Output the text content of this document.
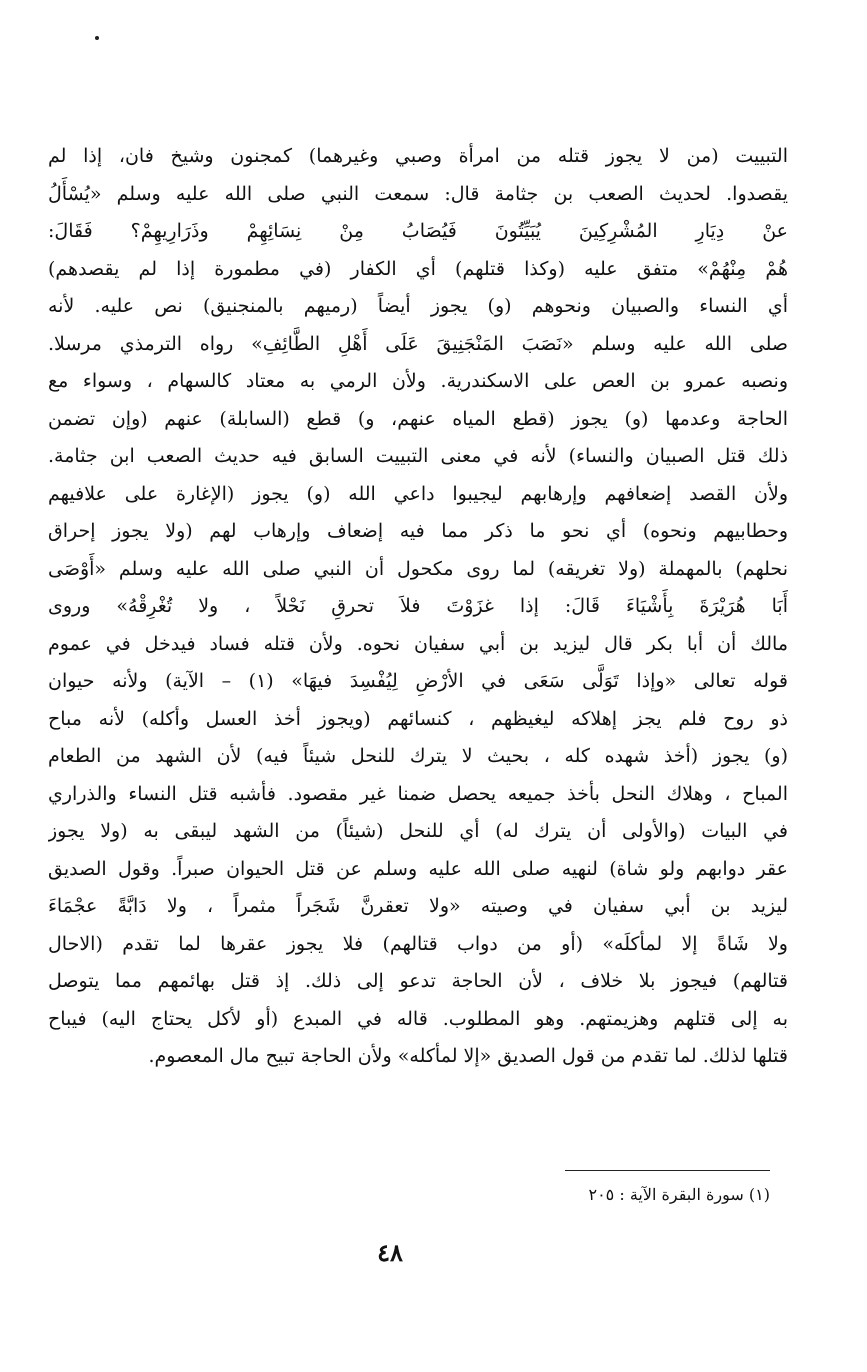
التبييت (من لا يجوز قتله من امرأة وصبي وغيرهما) كمجنون وشيخ فان، إذا لم
يقصدوا. لحديث الصعب بن جثامة قال: سمعت النبي صلى الله عليه وسلم «يُسْأَلُ
عنْ دِيَارِ المُشْرِكِينَ يُبَيِّتُونَ فَيُصَابُ مِنْ نِسَائِهِمْ وذَرَارِيهِمْ؟ فَقَالَ:
هُمْ مِنْهُمْ» متفق عليه (وكذا قتلهم) أي الكفار (في مطمورة إذا لم يقصدهم)
أي النساء والصبيان ونحوهم (و) يجوز أيضاً (رميهم بالمنجنيق) نص عليه. لأنه
صلى الله عليه وسلم «نَصَبَ المَنْجَنِيقَ عَلَى أَهْلِ الطَّائِفِ» رواه الترمذي مرسلا.
ونصبه عمرو بن العص على الاسكندرية. ولأن الرمي به معتاد كالسهام ، وسواء مع
الحاجة وعدمها (و) يجوز (قطع المياه عنهم، و) قطع (السابلة) عنهم (وإن تضمن
ذلك قتل الصبيان والنساء) لأنه في معنى التبييت السابق فيه حديث الصعب ابن جثامة.
ولأن القصد إضعافهم وإرهابهم ليجيبوا داعي الله (و) يجوز (الإغارة على علافيهم
وحطابيهم ونحوه) أي نحو ما ذكر مما فيه إضعاف وإرهاب لهم (ولا يجوز إحراق
نحلهم) بالمهملة (ولا تغريقه) لما روى مكحول أن النبي صلى الله عليه وسلم «أَوْصَى
أَبَا هُرَيْرَةَ بِأَشْيَاءَ قَالَ: إذا غزَوْتَ فلاَ تحرقِ نَحْلاً ، ولا تُغْرِقْهُ» وروى
مالك أن أبا بكر قال ليزيد بن أبي سفيان نحوه. ولأن قتله فساد فيدخل في عموم
قوله تعالى «وإذا تَوَلَّى سَعَى في الأرْضِ لِيُفْسِدَ فيهَا» (١) – الآية) ولأنه حيوان
ذو روح فلم يجز إهلاكه ليغيظهم ، كنسائهم (ويجوز أخذ العسل وأكله) لأنه مباح
(و) يجوز (أخذ شهده كله ، بحيث لا يترك للنحل شيئاً فيه) لأن الشهد من الطعام
المباح ، وهلاك النحل بأخذ جميعه يحصل ضمنا غير مقصود. فأشبه قتل النساء والذراري
في البيات (والأولى أن يترك له) أي للنحل (شيئاً) من الشهد ليبقى به (ولا يجوز
عقر دوابهم ولو شاة) لنهيه صلى الله عليه وسلم عن قتل الحيوان صبراً. وقول الصديق
ليزيد بن أبي سفيان في وصيته «ولا تعقرنَّ شَجَراً مثمراً ، ولا دَابَّةً عجْمَاءَ
ولا شَاةً إلا لمأكلَه» (أو من دواب قتالهم) فلا يجوز عقرها لما تقدم (الاحال
قتالهم) فيجوز بلا خلاف ، لأن الحاجة تدعو إلى ذلك. إذ قتل بهائمهم مما يتوصل
به إلى قتلهم وهزيمتهم. وهو المطلوب. قاله في المبدع (أو لأكل يحتاج اليه) فيباح
قتلها لذلك. لما تقدم من قول الصديق «إلا لمأكله» ولأن الحاجة تبيح مال المعصوم.
(١) سورة البقرة الآية : ٢٠٥
٤٨
